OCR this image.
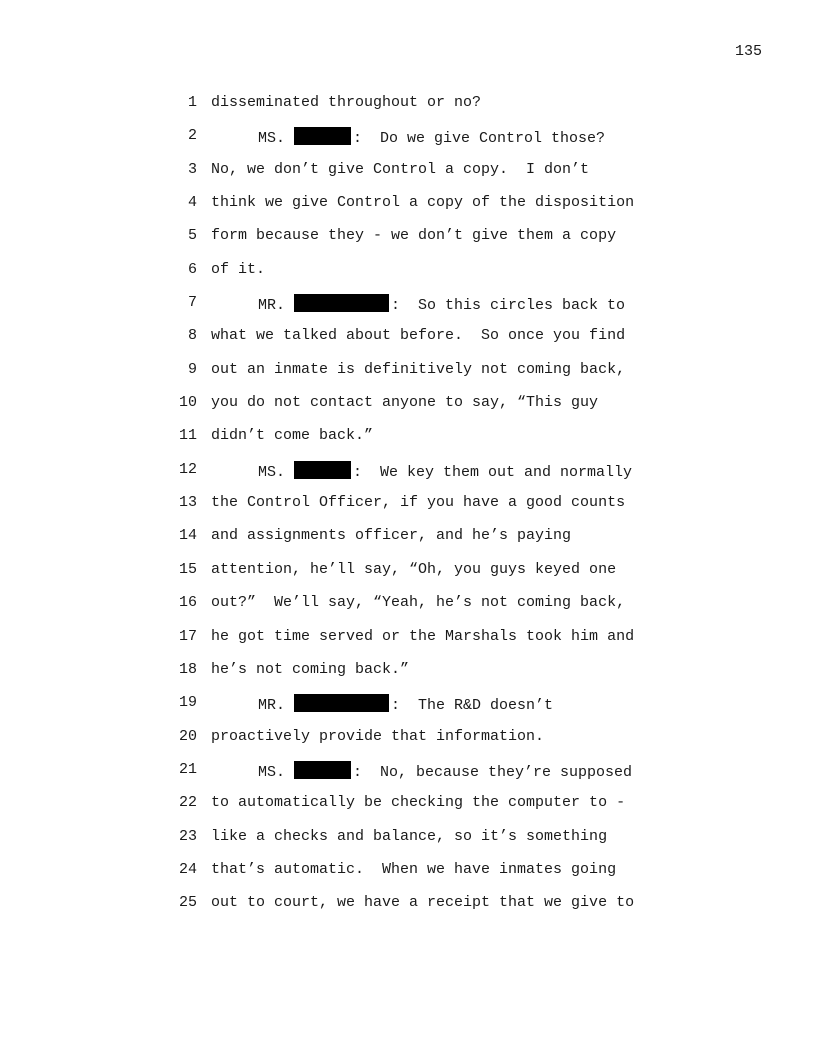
135
1 disseminated throughout or no?
2	MS.	:  Do we give Control those?
3 No, we don’t give Control a copy.  I don’t
4 think we give Control a copy of the disposition
5 form because they - we don’t give them a copy
6 of it.
7	MR.	:  So this circles back to
8 what we talked about before.  So once you find
9 out an inmate is definitively not coming back,
10 you do not contact anyone to say, “This guy
11 didn’t come back.”
12	MS.	:  We key them out and normally
13 the Control Officer, if you have a good counts
14 and assignments officer, and he’s paying
15 attention, he’ll say, “Oh, you guys keyed one
16 out?”  We’ll say, “Yeah, he’s not coming back,
17 he got time served or the Marshals took him and
18 he’s not coming back.”
19	MR.	:  The R&D doesn’t
20 proactively provide that information.
21	MS.	:  No, because they’re supposed
22 to automatically be checking the computer to -
23 like a checks and balance, so it’s something
24 that’s automatic.  When we have inmates going
25 out to court, we have a receipt that we give to
